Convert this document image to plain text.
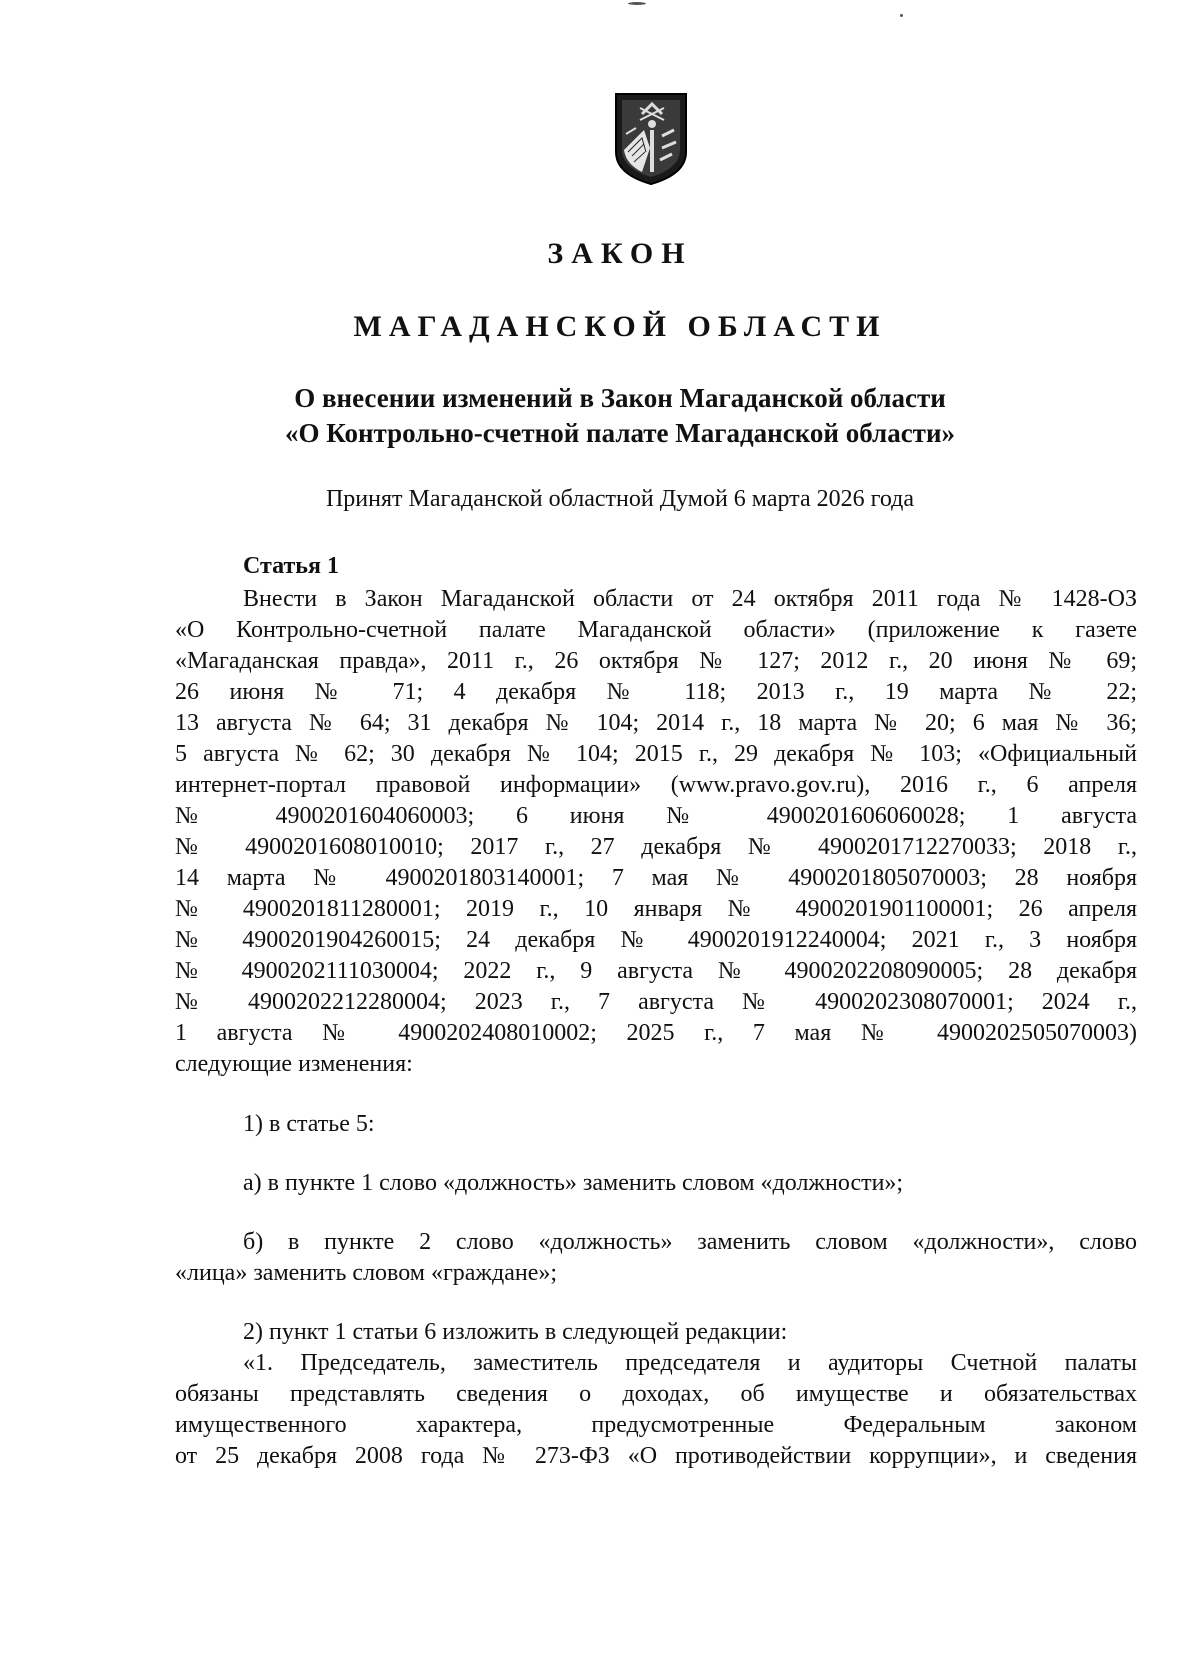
ЗАКОН
МАГАДАНСКОЙ ОБЛАСТИ
О внесении изменений в Закон Магаданской области
«О Контрольно-счетной палате Магаданской области»
Принят Магаданской областной Думой 6 марта 2026 года
Статья 1
Внести в Закон Магаданской области от 24 октября 2011 года № 1428-ОЗ
«О Контрольно-счетной палате Магаданской области» (приложение к газете
«Магаданская правда», 2011 г., 26 октября № 127; 2012 г., 20 июня № 69;
26 июня № 71; 4 декабря № 118; 2013 г., 19 марта № 22;
13 августа № 64; 31 декабря № 104; 2014 г., 18 марта № 20; 6 мая № 36;
5 августа № 62; 30 декабря № 104; 2015 г., 29 декабря № 103; «Официальный
интернет-портал правовой информации» (www.pravo.gov.ru), 2016 г., 6 апреля
№ 4900201604060003; 6 июня № 4900201606060028; 1 августа
№ 4900201608010010; 2017 г., 27 декабря № 4900201712270033; 2018 г.,
14 марта № 4900201803140001; 7 мая № 4900201805070003; 28 ноября
№ 4900201811280001; 2019 г., 10 января № 4900201901100001; 26 апреля
№ 4900201904260015; 24 декабря № 4900201912240004; 2021 г., 3 ноября
№ 4900202111030004; 2022 г., 9 августа № 4900202208090005; 28 декабря
№ 4900202212280004; 2023 г., 7 августа № 4900202308070001; 2024 г.,
1 августа № 4900202408010002; 2025 г., 7 мая № 4900202505070003)
следующие изменения:
1) в статье 5:
а) в пункте 1 слово «должность» заменить словом «должности»;
б) в пункте 2 слово «должность» заменить словом «должности», слово
«лица» заменить словом «граждане»;
2) пункт 1 статьи 6 изложить в следующей редакции:
«1. Председатель, заместитель председателя и аудиторы Счетной палаты
обязаны представлять сведения о доходах, об имуществе и обязательствах
имущественного характера, предусмотренные Федеральным законом
от 25 декабря 2008 года № 273-ФЗ «О противодействии коррупции», и сведения
